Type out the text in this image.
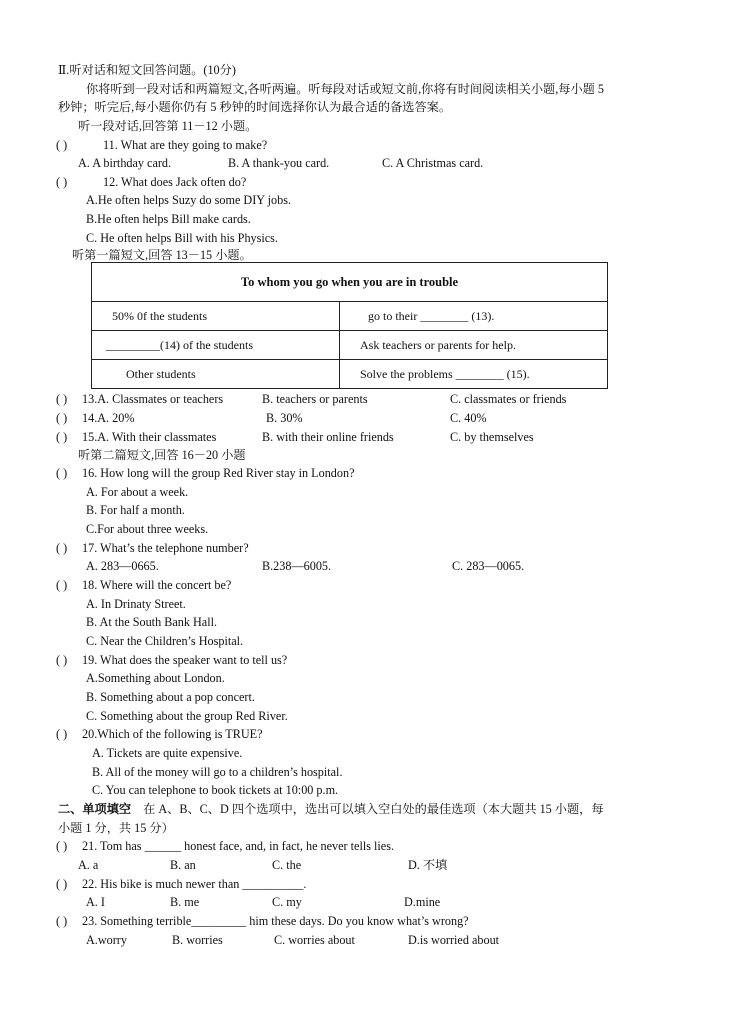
Ⅱ.听对话和短文回答问题。(10分)
你将听到一段对话和两篇短文,各听两遍。听每段对话或短文前,你将有时间阅读相关小题,每小题 5
秒钟；听完后,每小题你仍有 5 秒钟的时间选择你认为最合适的备选答案。
听一段对话,回答第 11－12 小题。
( )	11. What are they going to make?
A. A birthday card.	B. A thank-you card.	C. A Christmas card.
( )	12. What does Jack often do?
A.He often helps Suzy do some DIY jobs.
B.He often helps Bill make cards.
C. He often helps Bill with his Physics.
听第一篇短文,回答 13－15 小题。
To whom you go when you are in trouble	
50% 0f the students	go to their ________ (13).
_________(14) of the students	Ask teachers or parents for help.
Other students	Solve the problems ________ (15).
( ) 13.A. Classmates or teachers	B. teachers or parents	C. classmates or friends
( ) 14.A. 20%	B. 30%	C. 40%
( ) 15.A. With their classmates	B. with their online friends	C. by themselves
听第二篇短文,回答 16－20 小题
( ) 16. How long will the group Red River stay in London?
A. For about a week.
B. For half a month.
C.For about three weeks.
( ) 17. What’s the telephone number?
A. 283—0665.	B.238—6005.	C. 283—0065.
( ) 18. Where will the concert be?
A. In Drinaty Street.
B. At the South Bank Hall.
C. Near the Children’s Hospital.
( ) 19. What does the speaker want to tell us?
A.Something about London.
B. Something about a pop concert.
C. Something about the group Red River.
( ) 20.Which of the following is TRUE?
A. Tickets are quite expensive.
B. All of the money will go to a children’s hospital.
C. You can telephone to book tickets at 10:00 p.m.
二、单项填空 在 A、B、C、D 四个选项中，选出可以填入空白处的最佳选项（本大题共 15 小题，每
小题 1 分，共 15 分）
( ) 21. Tom has ______ honest face, and, in fact, he never tells lies.
A. a	B. an	C. the	D. 不填
( ) 22. His bike is much newer than __________.
A. I	B. me	C. my	D.mine
( ) 23. Something terrible_________ him these days. Do you know what’s wrong?
A.worry	B. worries	C. worries about	D.is worried about
